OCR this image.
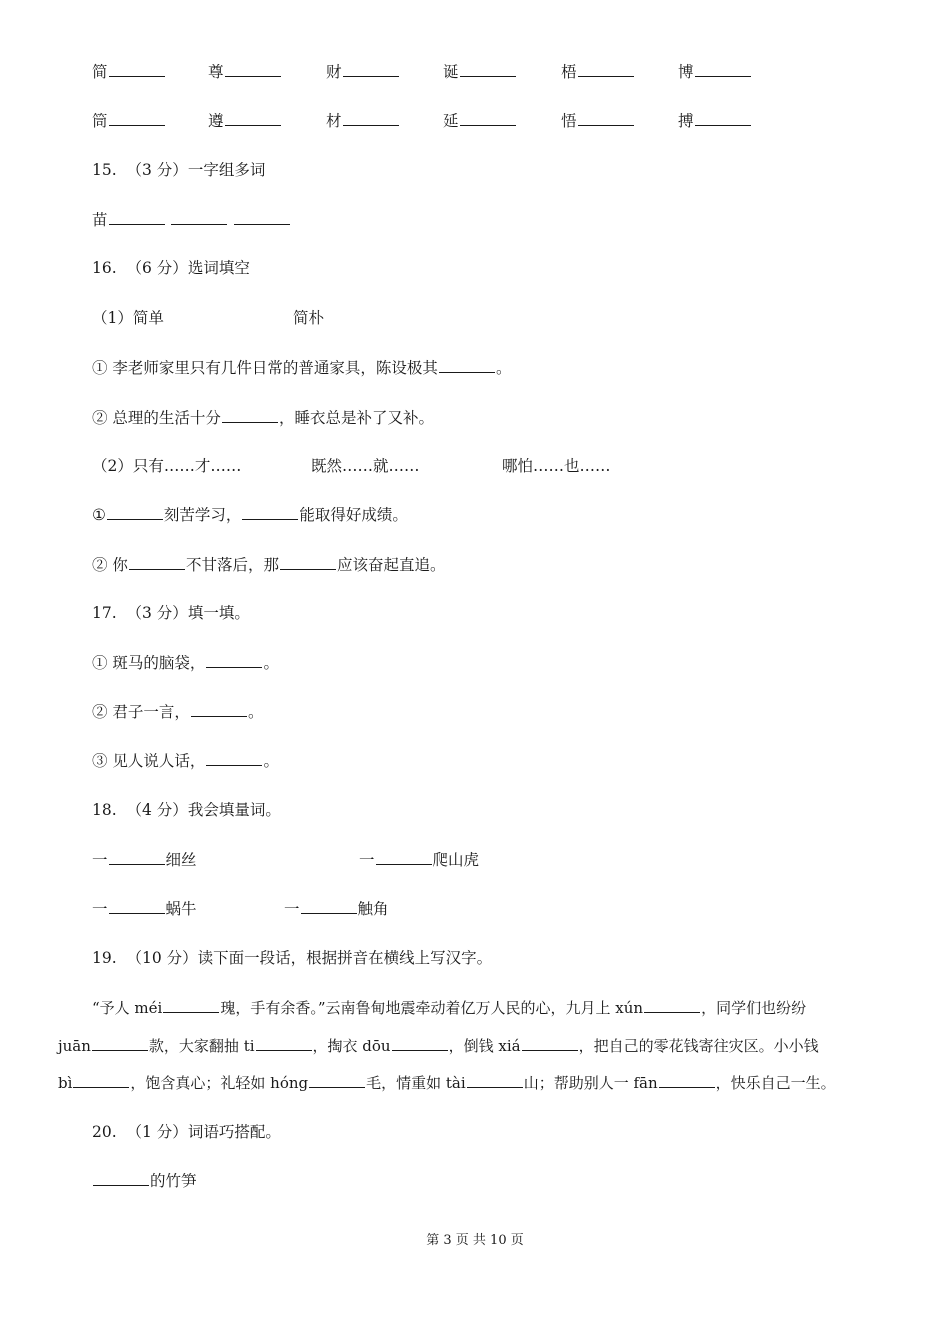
简	尊	财	诞	梧	博
筒	遵	材	延	悟	搏
15. （3 分）一字组多词
苗
16. （6 分）选词填空
（1）简单	简朴
① 李老师家里只有几件日常的普通家具，陈设极其	。
② 总理的生活十分	，睡衣总是补了又补。
（2）只有……才……	既然……就……	哪怕……也……
①	刻苦学习，	能取得好成绩。
② 你	不甘落后，那	应该奋起直追。
17. （3 分）填一填。
① 斑马的脑袋，	。
② 君子一言，	。
③ 见人说人话，	。
18. （4 分）我会填量词。
一	细丝	一	爬山虎
一	蜗牛	一	触角
19. （10 分）读下面一段话，根据拼音在横线上写汉字。
“予人 méi	瑰，手有余香。”云南鲁甸地震牵动着亿万人民的心，九月上 xún	，同学们也纷纷
juān	款，大家翻抽 ti	，掏衣 dōu	，倒钱 xiá	，把自己的零花钱寄往灾区。小小钱
bì	，饱含真心；礼轻如 hóng	毛，情重如 tài	山；帮助别人一 fān	，快乐自己一生。
20. （1 分）词语巧搭配。
的竹笋
第 3 页 共 10 页
